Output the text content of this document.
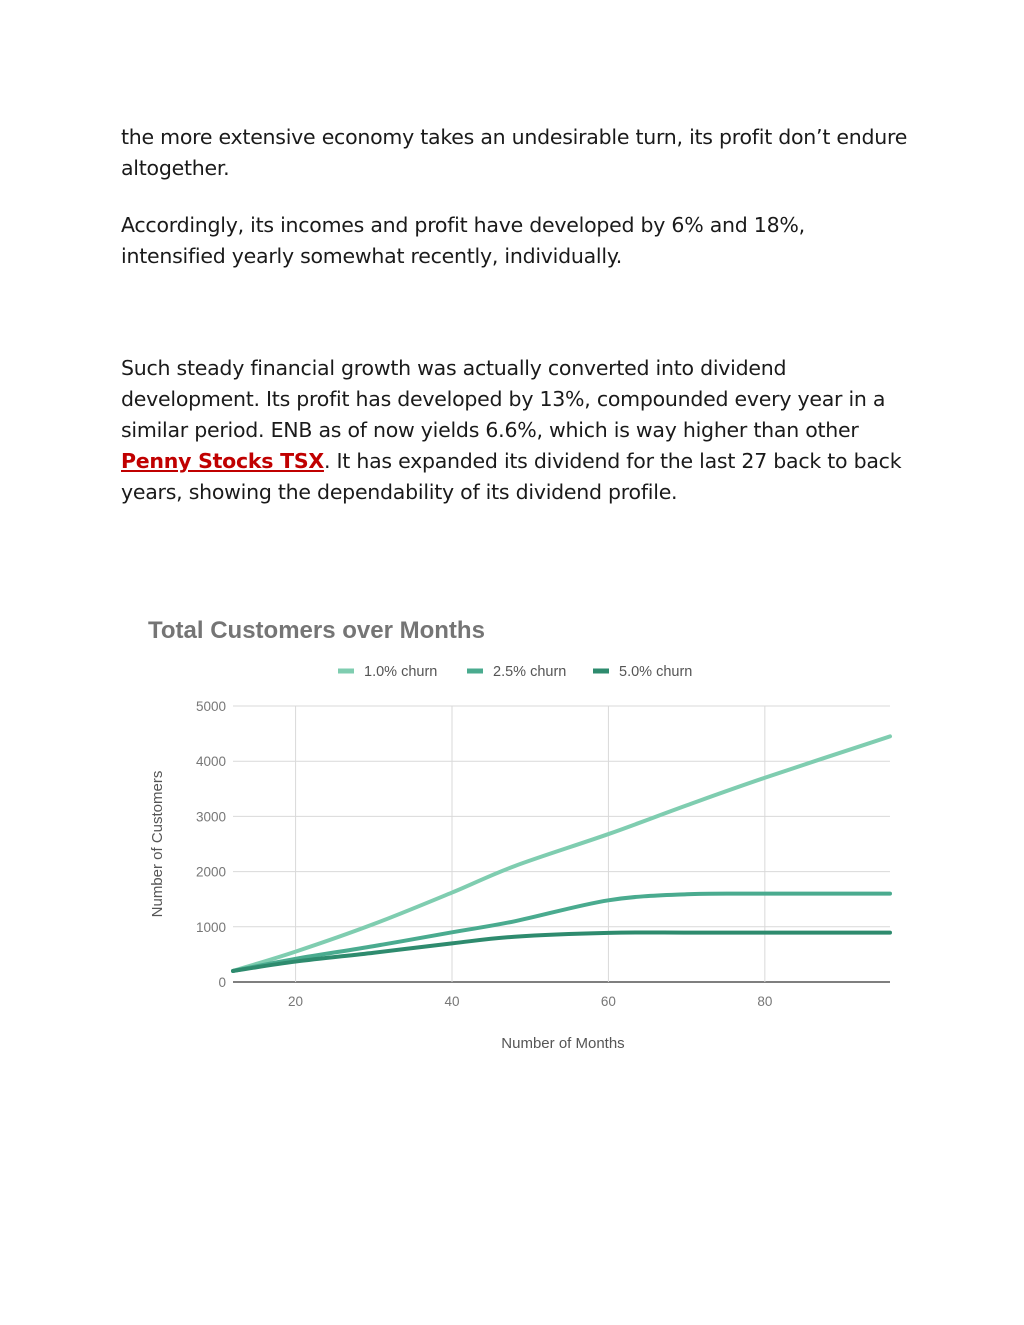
the more extensive economy takes an undesirable turn, its profit don’t endure altogether.

Accordingly, its incomes and profit have developed by 6% and 18%, intensified yearly somewhat recently, individually.

Such steady financial growth was actually converted into dividend development. Its profit has developed by 13%, compounded every year in a similar period. ENB as of now yields 6.6%, which is way higher than other Penny Stocks TSX. It has expanded its dividend for the last 27 back to back years, showing the dependability of its dividend profile.

Total Customers over Months
1.0% churn	2.5% churn	5.0% churn
0
1000
2000
3000
4000
5000
20	40	60	80
Number of Months
Number of Customers
